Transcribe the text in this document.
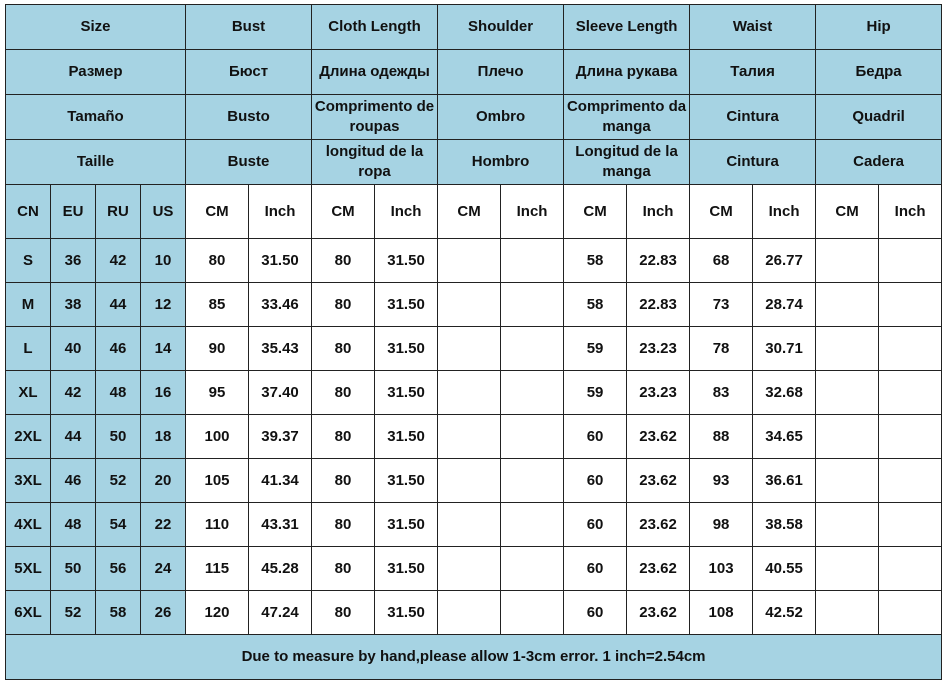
Size				Bust		Cloth Length		Shoulder		Sleeve Length		Waist		Hip	
Размер				Бюст		Длина одежды		Плечо		Длина рукава		Талия		Бедра	
Tamaño				Busto		Comprimento de roupas		Ombro		Comprimento da manga		Cintura		Quadril	
Taille				Buste		longitud de la ropa		Hombro		Longitud de la manga		Cintura		Cadera	
CN	EU	RU	US	CM	Inch	CM	Inch	CM	Inch	CM	Inch	CM	Inch	CM	Inch
S	36	42	10	80	31.50	80	31.50			58	22.83	68	26.77		
M	38	44	12	85	33.46	80	31.50			58	22.83	73	28.74		
L	40	46	14	90	35.43	80	31.50			59	23.23	78	30.71		
XL	42	48	16	95	37.40	80	31.50			59	23.23	83	32.68		
2XL	44	50	18	100	39.37	80	31.50			60	23.62	88	34.65		
3XL	46	52	20	105	41.34	80	31.50			60	23.62	93	36.61		
4XL	48	54	22	110	43.31	80	31.50			60	23.62	98	38.58		
5XL	50	56	24	115	45.28	80	31.50			60	23.62	103	40.55		
6XL	52	58	26	120	47.24	80	31.50			60	23.62	108	42.52		
Due to measure by hand,please allow 1-3cm error. 1 inch=2.54cm															
